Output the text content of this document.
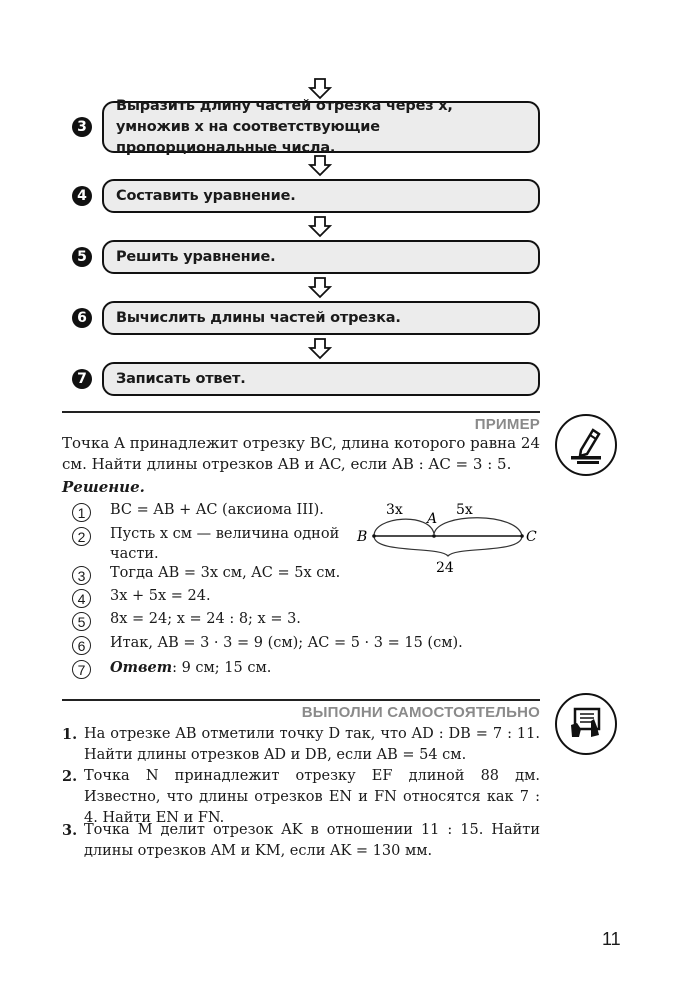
3
Выразить длину частей отрезка через x, умножив x на соответствующие пропорциональные числа.
4	Составить уравнение.
5	Решить уравнение.
6	Вычислить длины частей отрезка.
7	Записать ответ.
ПРИМЕР
Точка A принадлежит отрезку BC, длина которого равна 24 см. Найти длины отрезков AB и AC, если AB : AC = 3 : 5.
Решение.
1	BC = AB + AC (аксиома III).
2	Пусть x см — величина одной
части.
3	Тогда AB = 3x см, AC = 5x см.
4	3x + 5x = 24.
5	8x = 24; x = 24 : 8; x = 3.
6	Итак, AB = 3 · 3 = 9 (см); AC = 5 · 3 = 15 (см).
7	Ответ: 9 см; 15 см.
B
A
C
3x	5x
24
ВЫПОЛНИ САМОСТОЯТЕЛЬНО
1. На отрезке AB отметили точку D так, что AD : DB = 7 : 11. Найти длины отрезков AD и DB, если AB = 54 см.
2. Точка N принадлежит отрезку EF длиной 88 дм. Известно, что длины отрезков EN и FN относятся как 7 : 4. Найти EN и FN.
3. Точка M делит отрезок AK в отношении 11 : 15. Найти длины отрезков AM и KM, если AK = 130 мм.
11
